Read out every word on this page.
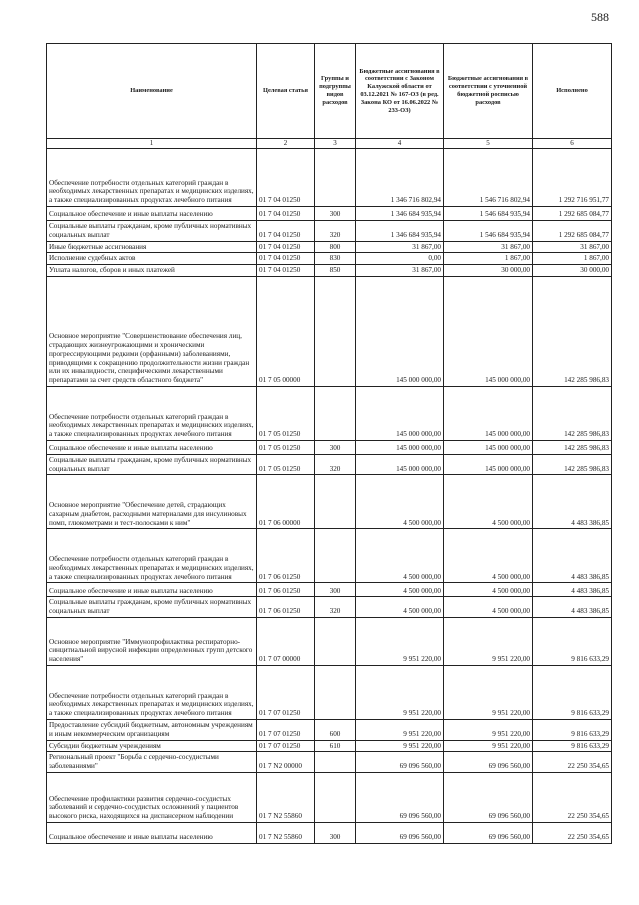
588
Наименование	Целевая статья	Группы и подгруппы видов расходов	Бюджетные ассигнования в соответствии с Законом Калужской области от 03.12.2021 № 167-ОЗ (в ред. Закона КО от 16.06.2022 № 233-ОЗ)	Бюджетные ассигнования в соответствии с уточненной бюджетной росписью расходов	Исполнено
1	2	3	4	5	6
Обеспечение потребности отдельных категорий граждан в необходимых лекарственных препаратах и медицинских изделиях, а также специализированных продуктах лечебного питания	01 7 04 01250		1 346 716 802,94	1 546 716 802,94	1 292 716 951,77
Социальное обеспечение и иные выплаты населению	01 7 04 01250	300	1 346 684 935,94	1 546 684 935,94	1 292 685 084,77
Социальные выплаты гражданам, кроме публичных нормативных социальных выплат	01 7 04 01250	320	1 346 684 935,94	1 546 684 935,94	1 292 685 084,77
Иные бюджетные ассигнования	01 7 04 01250	800	31 867,00	31 867,00	31 867,00
Исполнение судебных актов	01 7 04 01250	830	0,00	1 867,00	1 867,00
Уплата налогов, сборов и иных платежей	01 7 04 01250	850	31 867,00	30 000,00	30 000,00
Основное мероприятие "Совершенствование обеспечения лиц, страдающих жизнеугрожающими и хроническими прогрессирующими редкими (орфанными) заболеваниями, приводящими к сокращению продолжительности жизни граждан или их инвалидности, специфическими лекарственными препаратами за счет средств областного бюджета"	01 7 05 00000		145 000 000,00	145 000 000,00	142 285 986,83
Обеспечение потребности отдельных категорий граждан в необходимых лекарственных препаратах и медицинских изделиях, а также специализированных продуктах лечебного питания	01 7 05 01250		145 000 000,00	145 000 000,00	142 285 986,83
Социальное обеспечение и иные выплаты населению	01 7 05 01250	300	145 000 000,00	145 000 000,00	142 285 986,83
Социальные выплаты гражданам, кроме публичных нормативных социальных выплат	01 7 05 01250	320	145 000 000,00	145 000 000,00	142 285 986,83
Основное мероприятие "Обеспечение детей, страдающих сахарным диабетом, расходными материалами для инсулиновых помп, глюкометрами и тест-полосками к ним"	01 7 06 00000		4 500 000,00	4 500 000,00	4 483 386,85
Обеспечение потребности отдельных категорий граждан в необходимых лекарственных препаратах и медицинских изделиях, а также специализированных продуктах лечебного питания	01 7 06 01250		4 500 000,00	4 500 000,00	4 483 386,85
Социальное обеспечение и иные выплаты населению	01 7 06 01250	300	4 500 000,00	4 500 000,00	4 483 386,85
Социальные выплаты гражданам, кроме публичных нормативных социальных выплат	01 7 06 01250	320	4 500 000,00	4 500 000,00	4 483 386,85
Основное мероприятие "Иммунопрофилактика респираторно-синцитиальной вирусной инфекции определенных групп детского населения"	01 7 07 00000		9 951 220,00	9 951 220,00	9 816 633,29
Обеспечение потребности отдельных категорий граждан в необходимых лекарственных препаратах и медицинских изделиях, а также специализированных продуктах лечебного питания	01 7 07 01250		9 951 220,00	9 951 220,00	9 816 633,29
Предоставление субсидий бюджетным, автономным учреждениям и иным некоммерческим организациям	01 7 07 01250	600	9 951 220,00	9 951 220,00	9 816 633,29
Субсидии бюджетным учреждениям	01 7 07 01250	610	9 951 220,00	9 951 220,00	9 816 633,29
Региональный проект "Борьба с сердечно-сосудистыми заболеваниями"	01 7 N2 00000		69 096 560,00	69 096 560,00	22 250 354,65
Обеспечение профилактики развития сердечно-сосудистых заболеваний и сердечно-сосудистых осложнений у пациентов высокого риска, находящихся на диспансерном наблюдении	01 7 N2 55860		69 096 560,00	69 096 560,00	22 250 354,65
Социальное обеспечение и иные выплаты населению	01 7 N2 55860	300	69 096 560,00	69 096 560,00	22 250 354,65
